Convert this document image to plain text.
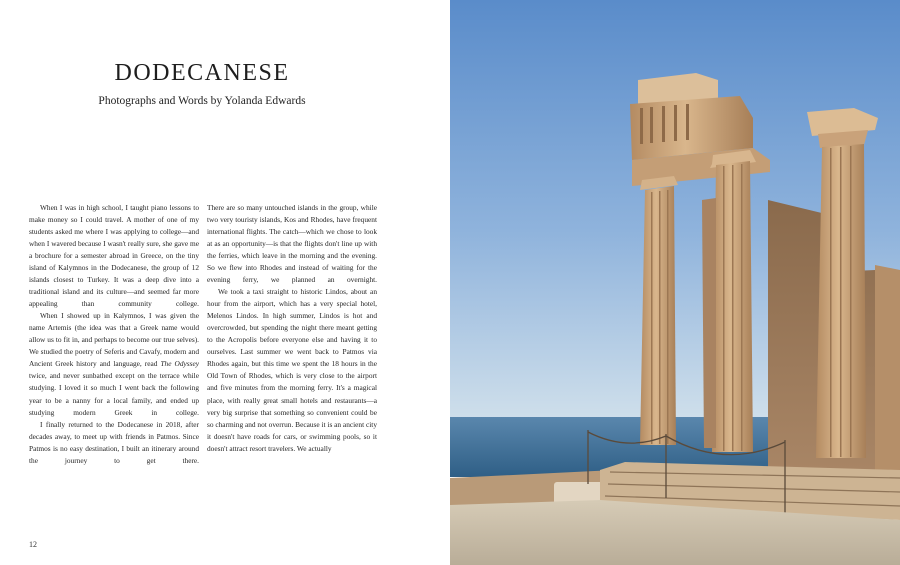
DODECANESE

Photographs and Words by Yolanda Edwards

When I was in high school, I taught piano lessons to make money so I could travel. A mother of one of my students asked me where I was applying to college—and when I wavered because I wasn't really sure, she gave me a brochure for a semester abroad in Greece, on the tiny island of Kalymnos in the Dodecanese, the group of 12 islands closest to Turkey. It was a deep dive into a traditional island and its culture—and seemed far more appealing than community college.

When I showed up in Kalymnos, I was given the name Artemis (the idea was that a Greek name would allow us to fit in, and perhaps to become our true selves). We studied the poetry of Seferis and Cavafy, modern and Ancient Greek history and language, read The Odyssey twice, and never sunbathed except on the terrace while studying. I loved it so much I went back the following year to be a nanny for a local family, and ended up studying modern Greek in college.

I finally returned to the Dodecanese in 2018, after decades away, to meet up with friends in Patmos. Since Patmos is no easy destination, I built an itinerary around the journey to get there.

There are so many untouched islands in the group, while two very touristy islands, Kos and Rhodes, have frequent international flights. The catch—which we chose to look at as an opportunity—is that the flights don't line up with the ferries, which leave in the morning and the evening. So we flew into Rhodes and instead of waiting for the evening ferry, we planned an overnight.

We took a taxi straight to historic Lindos, about an hour from the airport, which has a very special hotel, Melenos Lindos. In high summer, Lindos is hot and overcrowded, but spending the night there meant getting to the Acropolis before everyone else and having it to ourselves. Last summer we went back to Patmos via Rhodes again, but this time we spent the 18 hours in the Old Town of Rhodes, which is very close to the airport and five minutes from the morning ferry. It's a magical place, with really great small hotels and restaurants—a very big surprise that something so convenient could be so charming and not overrun. Because it is an ancient city it doesn't have roads for cars, or swimming pools, so it doesn't attract resort travelers. We actually

12
